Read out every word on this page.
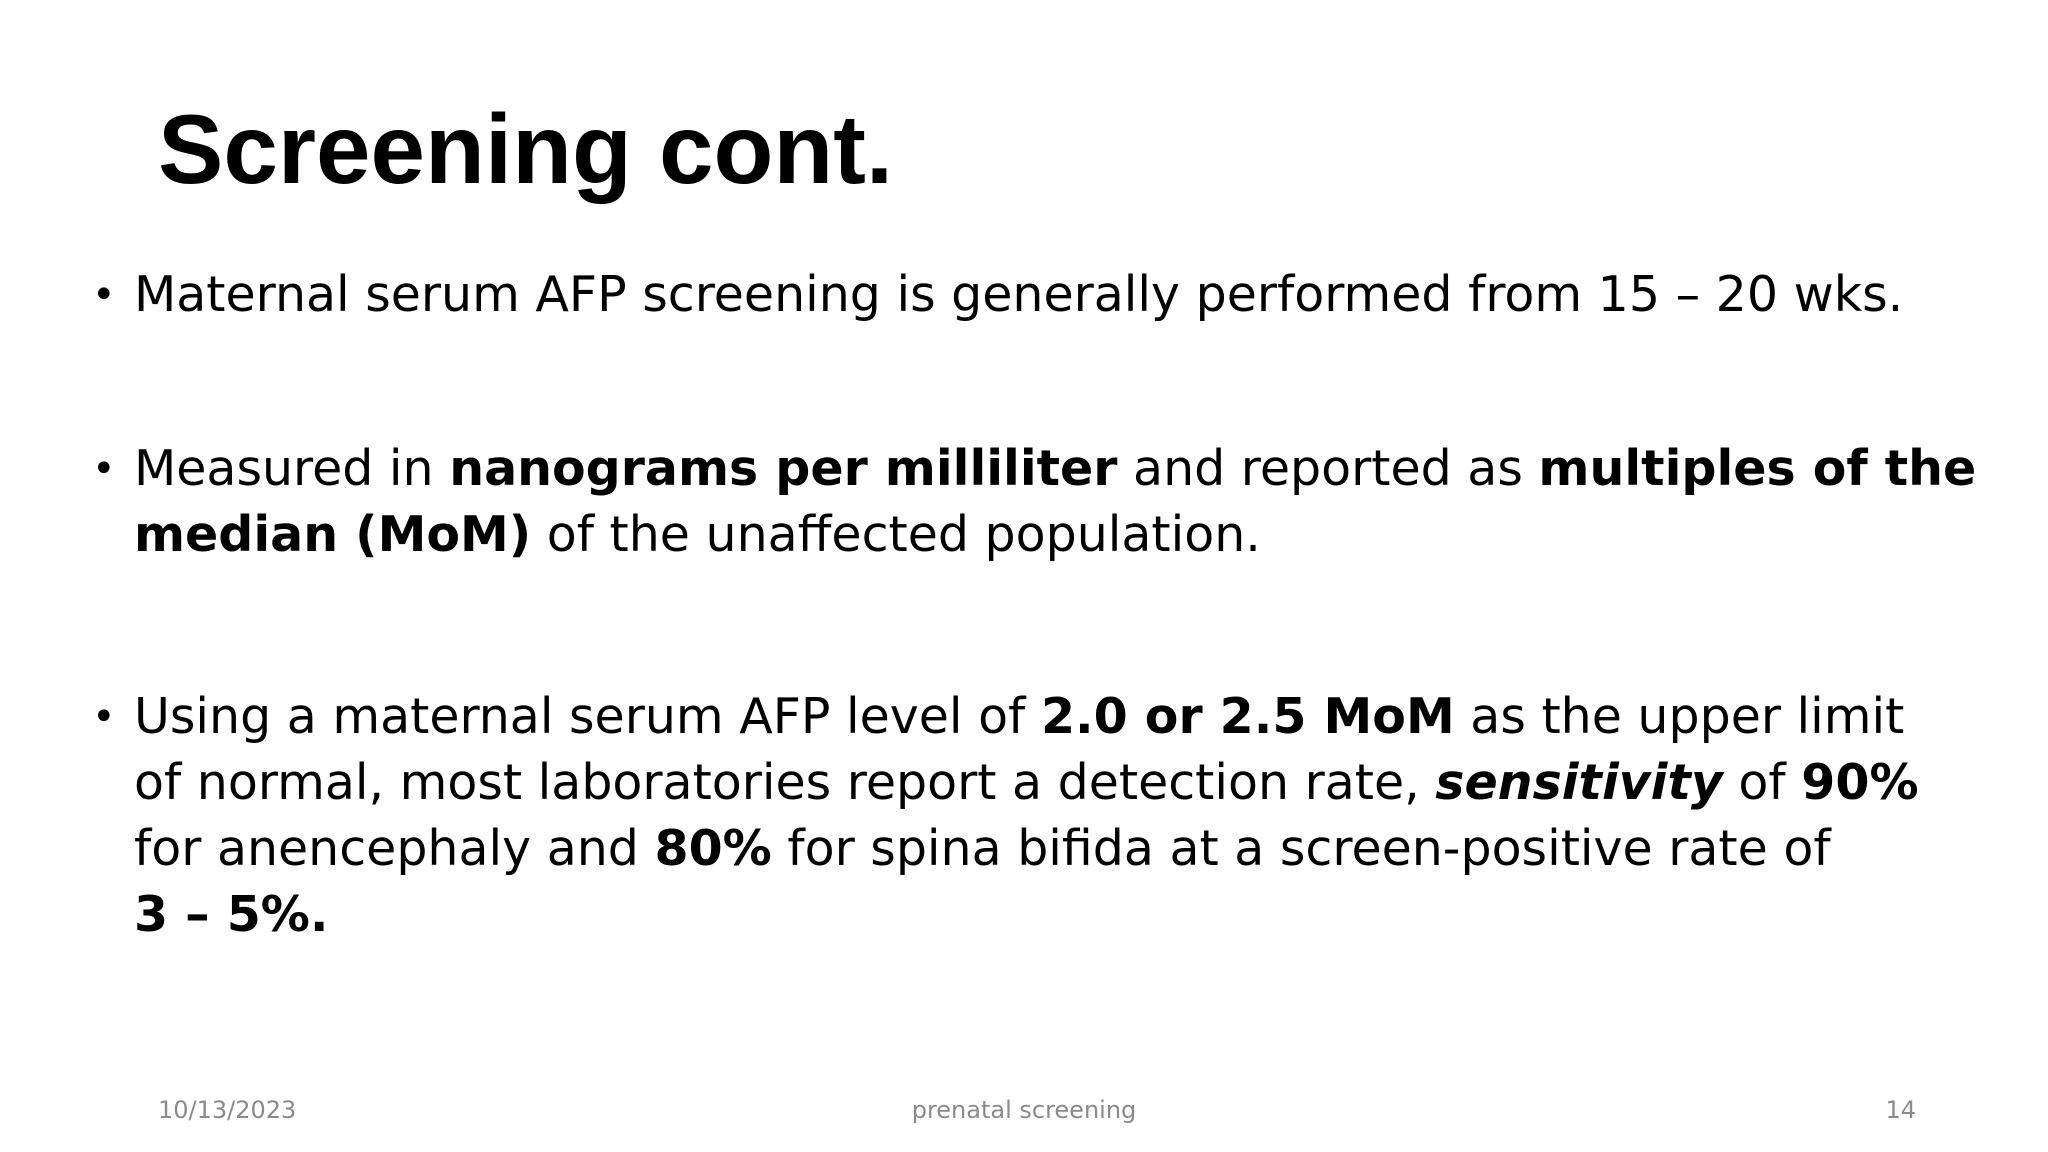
Screening cont.
• Maternal serum AFP screening is generally performed from 15 – 20 wks.
• Measured in nanograms per milliliter and reported as multiples of the
median (MoM) of the unaffected population.
• Using a maternal serum AFP level of 2.0 or 2.5 MoM as the upper limit
of normal, most laboratories report a detection rate, sensitivity of 90%
for anencephaly and 80% for spina bifida at a screen-positive rate of
3 – 5%.
10/13/2023	prenatal screening	14
